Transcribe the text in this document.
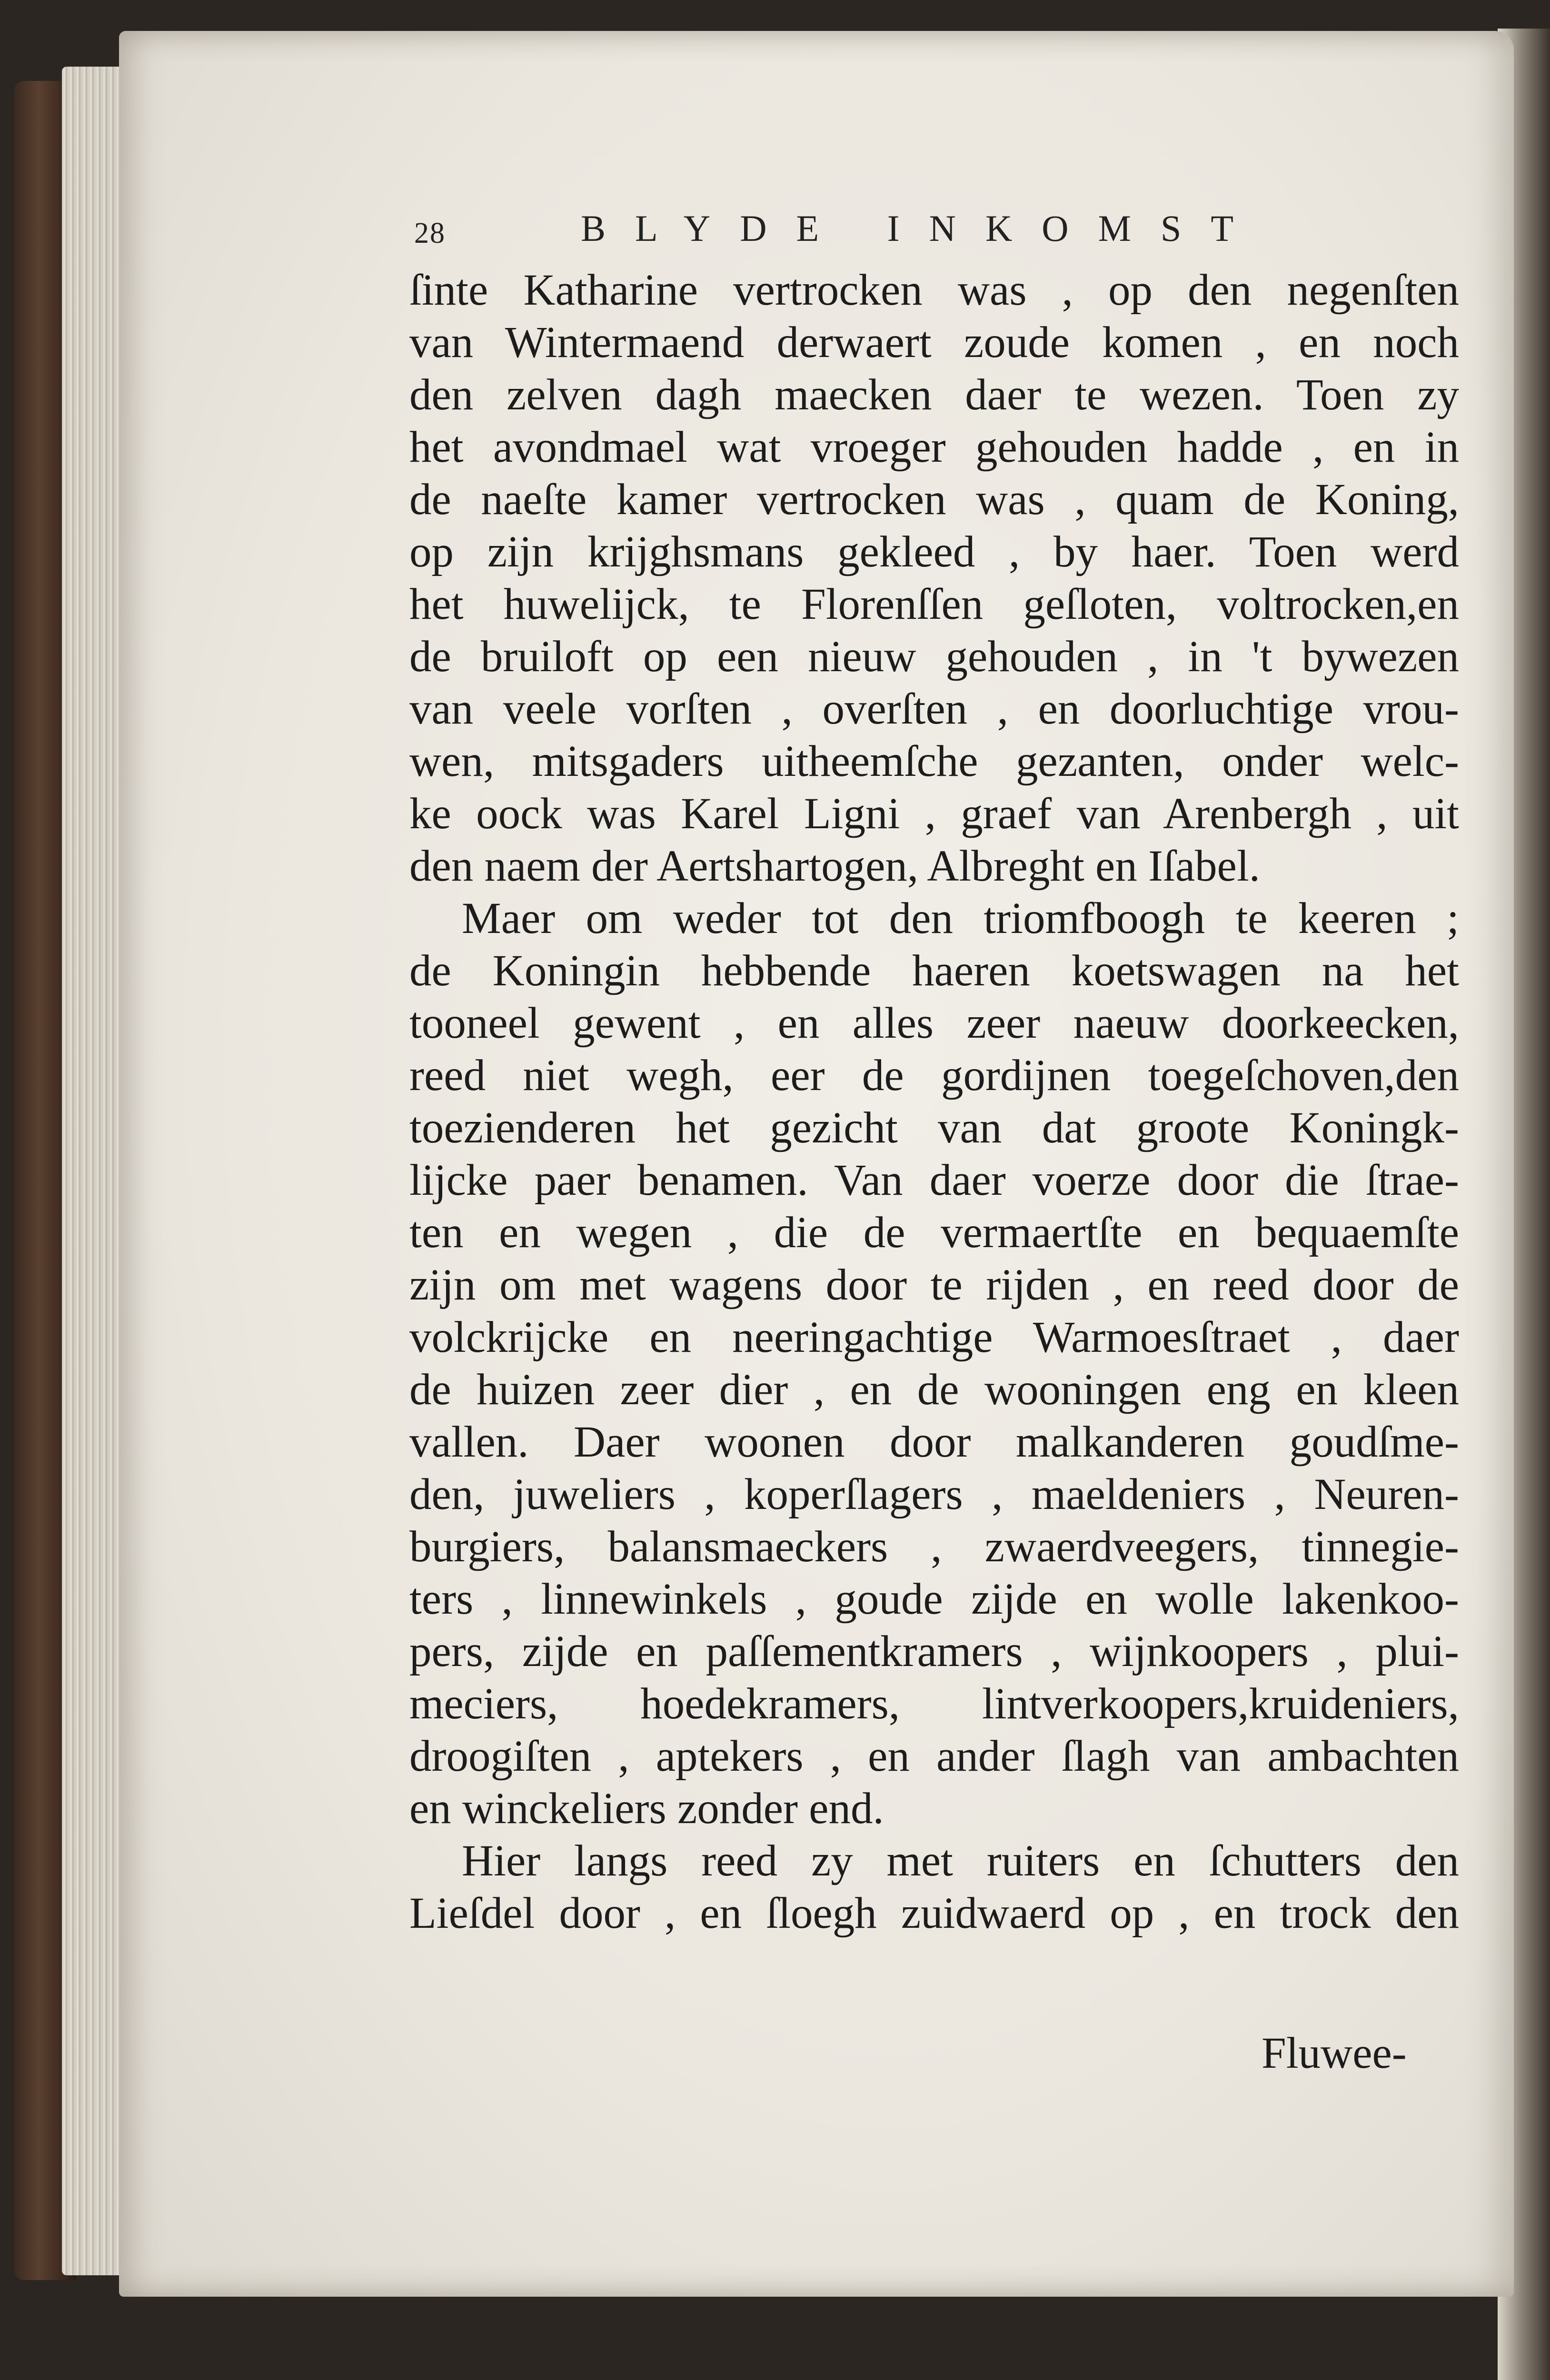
28	BLYDE INKOMST
ſinte Katharine vertrocken was , op den negenſten
van Wintermaend derwaert zoude komen , en noch
den zelven dagh maecken daer te wezen. Toen zy
het avondmael wat vroeger gehouden hadde , en in
de naeſte kamer vertrocken was , quam de Koning,
op zijn krijghsmans gekleed , by haer. Toen werd
het huwelijck, te Florenſſen geſloten, voltrocken,en
de bruiloft op een nieuw gehouden , in 't bywezen
van veele vorſten , overſten , en doorluchtige vrou-
wen, mitsgaders uitheemſche gezanten, onder welc-
ke oock was Karel Ligni , graef van Arenbergh , uit
den naem der Aertshartogen, Albreght en Iſabel.
Maer om weder tot den triomfboogh te keeren ;
de Koningin hebbende haeren koetswagen na het
tooneel gewent , en alles zeer naeuw doorkeecken,
reed niet wegh, eer de gordijnen toegeſchoven,den
toezienderen het gezicht van dat groote Koningk-
lijcke paer benamen. Van daer voerze door die ſtrae-
ten en wegen , die de vermaertſte en bequaemſte
zijn om met wagens door te rijden , en reed door de
volckrijcke en neeringachtige Warmoesſtraet , daer
de huizen zeer dier , en de wooningen eng en kleen
vallen. Daer woonen door malkanderen goudſme-
den, juweliers , koperſlagers , maeldeniers , Neuren-
burgiers, balansmaeckers , zwaerdveegers, tinnegie-
ters , linnewinkels , goude zijde en wolle lakenkoo-
pers, zijde en paſſementkramers , wijnkoopers , plui-
meciers, hoedekramers, lintverkoopers,kruideniers,
droogiſten , aptekers , en ander ſlagh van ambachten
en winckeliers zonder end.
Hier langs reed zy met ruiters en ſchutters den
Lieſdel door , en ſloegh zuidwaerd op , en trock den
Fluwee-
